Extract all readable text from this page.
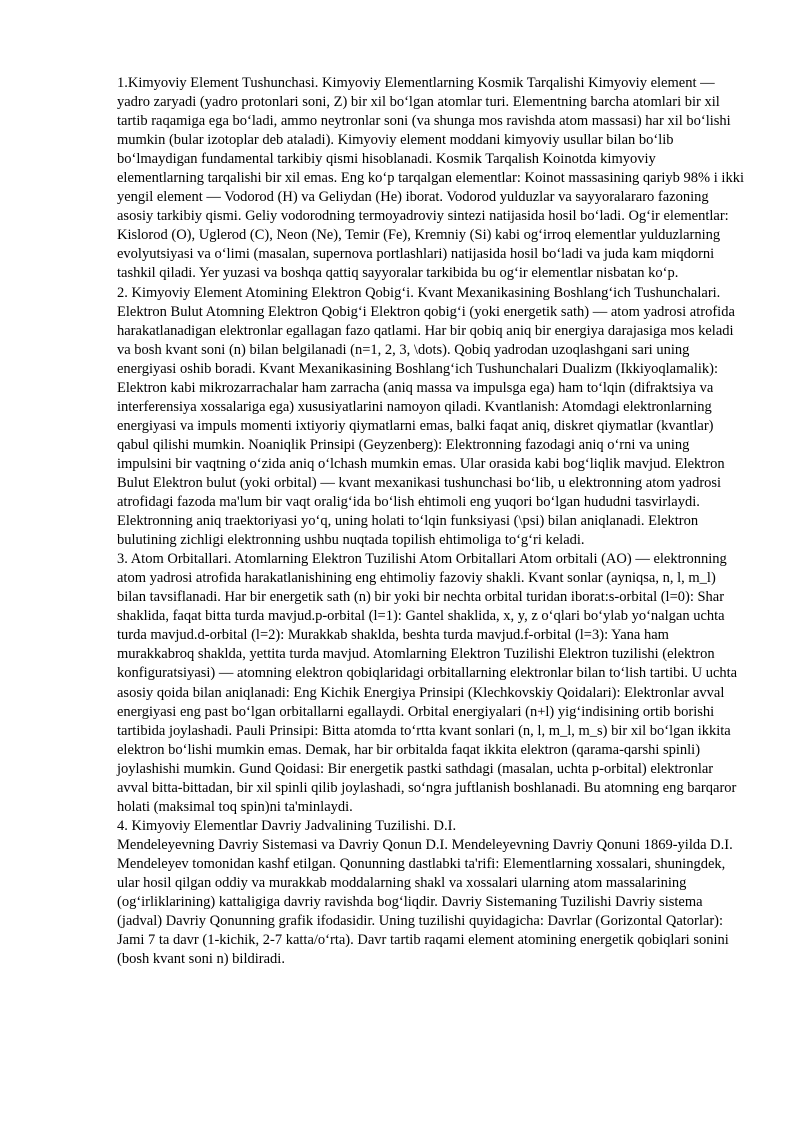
1.Kimyoviy Element Tushunchasi. Kimyoviy Elementlarning Kosmik Tarqalishi Kimyoviy element — yadro zaryadi (yadro protonlari soni, Z) bir xil boʻlgan atomlar turi. Elementning barcha atomlari bir xil tartib raqamiga ega boʻladi, ammo neytronlar soni (va shunga mos ravishda atom massasi) har xil boʻlishi mumkin (bular izotoplar deb ataladi). Kimyoviy element moddani kimyoviy usullar bilan boʻlib boʻlmaydigan fundamental tarkibiy qismi hisoblanadi. Kosmik Tarqalish Koinotda kimyoviy elementlarning tarqalishi bir xil emas. Eng koʻp tarqalgan elementlar: Koinot massasining qariyb 98% i ikki yengil element — Vodorod (H) va Geliydan (He) iborat. Vodorod yulduzlar va sayyoralararo fazoning asosiy tarkibiy qismi. Geliy vodorodning termoyadroviy sintezi natijasida hosil boʻladi. Ogʻir elementlar: Kislorod (O), Uglerod (C), Neon (Ne), Temir (Fe), Kremniy (Si) kabi ogʻirroq elementlar yulduzlarning evolyutsiyasi va oʻlimi (masalan, supernova portlashlari) natijasida hosil boʻladi va juda kam miqdorni tashkil qiladi. Yer yuzasi va boshqa qattiq sayyoralar tarkibida bu ogʻir elementlar nisbatan koʻp.

2. Kimyoviy Element Atomining Elektron Qobigʻi. Kvant Mexanikasining Boshlangʻich Tushunchalari. Elektron Bulut Atomning Elektron Qobigʻi Elektron qobigʻi (yoki energetik sath) — atom yadrosi atrofida harakatlanadigan elektronlar egallagan fazo qatlami. Har bir qobiq aniq bir energiya darajasiga mos keladi va bosh kvant soni (n) bilan belgilanadi (n=1, 2, 3, \dots). Qobiq yadrodan uzoqlashgani sari uning energiyasi oshib boradi. Kvant Mexanikasining Boshlangʻich Tushunchalari Dualizm (Ikkiyoqlamalik): Elektron kabi mikrozarrachalar ham zarracha (aniq massa va impulsga ega) ham toʻlqin (difraktsiya va interferensiya xossalariga ega) xususiyatlarini namoyon qiladi. Kvantlanish: Atomdagi elektronlarning energiyasi va impuls momenti ixtiyoriy qiymatlarni emas, balki faqat aniq, diskret qiymatlar (kvantlar) qabul qilishi mumkin. Noaniqlik Prinsipi (Geyzenberg): Elektronning fazodagi aniq oʻrni va uning impulsini bir vaqtning oʻzida aniq oʻlchash mumkin emas. Ular orasida kabi bogʻliqlik mavjud. Elektron Bulut Elektron bulut (yoki orbital) — kvant mexanikasi tushunchasi boʻlib, u elektronning atom yadrosi atrofidagi fazoda ma'lum bir vaqt oraligʻida boʻlish ehtimoli eng yuqori boʻlgan hududni tasvirlaydi. Elektronning aniq traektoriyasi yoʻq, uning holati toʻlqin funksiyasi (\psi) bilan aniqlanadi. Elektron bulutining zichligi elektronning ushbu nuqtada topilish ehtimoliga toʻgʻri keladi.

3. Atom Orbitallari. Atomlarning Elektron Tuzilishi Atom Orbitallari Atom orbitali (AO) — elektronning atom yadrosi atrofida harakatlanishining eng ehtimoliy fazoviy shakli. Kvant sonlar (ayniqsa, n, l, m_l) bilan tavsiflanadi. Har bir energetik sath (n) bir yoki bir nechta orbital turidan iborat:s-orbital (l=0): Shar shaklida, faqat bitta turda mavjud.p-orbital (l=1): Gantel shaklida, x, y, z oʻqlari boʻylab yoʻnalgan uchta turda mavjud.d-orbital (l=2): Murakkab shaklda, beshta turda mavjud.f-orbital (l=3): Yana ham murakkabroq shaklda, yettita turda mavjud. Atomlarning Elektron Tuzilishi Elektron tuzilishi (elektron konfiguratsiyasi) — atomning elektron qobiqlaridagi orbitallarning elektronlar bilan toʻlish tartibi. U uchta asosiy qoida bilan aniqlanadi: Eng Kichik Energiya Prinsipi (Klechkovskiy Qoidalari): Elektronlar avval energiyasi eng past boʻlgan orbitallarni egallaydi. Orbital energiyalari (n+l) yigʻindisining ortib borishi tartibida joylashadi. Pauli Prinsipi: Bitta atomda toʻrtta kvant sonlari (n, l, m_l, m_s) bir xil boʻlgan ikkita elektron boʻlishi mumkin emas. Demak, har bir orbitalda faqat ikkita elektron (qarama-qarshi spinli) joylashishi mumkin. Gund Qoidasi: Bir energetik pastki sathdagi (masalan, uchta p-orbital) elektronlar avval bitta-bittadan, bir xil spinli qilib joylashadi, soʻngra juftlanish boshlanadi. Bu atomning eng barqaror holati (maksimal toq spin)ni ta'minlaydi.

4. Kimyoviy Elementlar Davriy Jadvalining Tuzilishi. D.I.

Mendeleyevning Davriy Sistemasi va Davriy Qonun D.I. Mendeleyevning Davriy Qonuni 1869-yilda D.I. Mendeleyev tomonidan kashf etilgan. Qonunning dastlabki ta'rifi: Elementlarning xossalari, shuningdek, ular hosil qilgan oddiy va murakkab moddalarning shakl va xossalari ularning atom massalarining (ogʻirliklarining) kattaligiga davriy ravishda bogʻliqdir. Davriy Sistemaning Tuzilishi Davriy sistema (jadval) Davriy Qonunning grafik ifodasidir. Uning tuzilishi quyidagicha: Davrlar (Gorizontal Qatorlar): Jami 7 ta davr (1-kichik, 2-7 katta/oʻrta). Davr tartib raqami element atomining energetik qobiqlari sonini (bosh kvant soni n) bildiradi.
